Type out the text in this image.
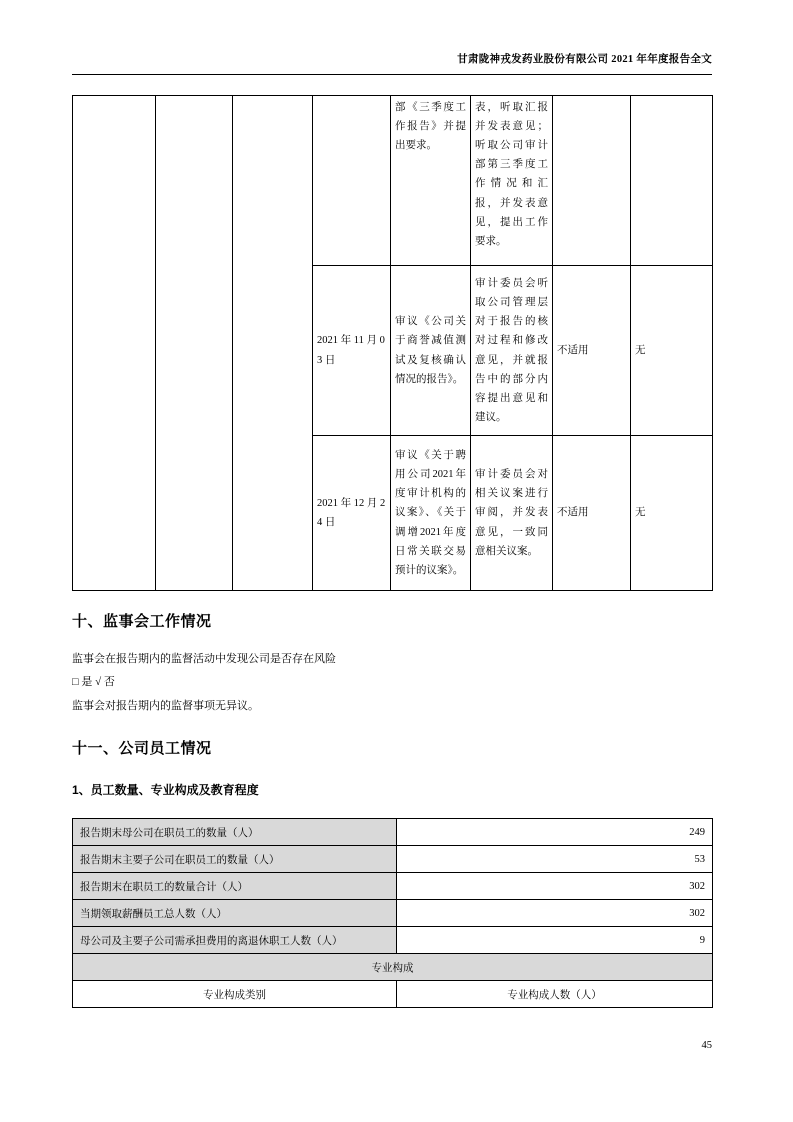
甘肃陇神戎发药业股份有限公司 2021 年年度报告全文
				部《三季度工作报告》并提出要求。	表，听取汇报并发表意见；听取公司审计部第三季度工作情况和汇报，并发表意见，提出工作要求。		
			2021 年 11 月 03 日	审议《公司关于商誉减值测试及复核确认情况的报告》。	审计委员会听取公司管理层对于报告的核对过程和修改意见，并就报告中的部分内容提出意见和建议。	不适用	无
			2021 年 12 月 24 日	审议《关于聘用公司2021年度审计机构的议案》、《关于调增2021年度日常关联交易预计的议案》。	审计委员会对相关议案进行审阅，并发表意见，一致同意相关议案。	不适用	无
十、监事会工作情况
监事会在报告期内的监督活动中发现公司是否存在风险
□ 是 √ 否
监事会对报告期内的监督事项无异议。
十一、公司员工情况
1、员工数量、专业构成及教育程度
报告期末母公司在职员工的数量（人）	249
报告期末主要子公司在职员工的数量（人）	53
报告期末在职员工的数量合计（人）	302
当期领取薪酬员工总人数（人）	302
母公司及主要子公司需承担费用的离退休职工人数（人）	9
专业构成	
专业构成类别	专业构成人数（人）
45
